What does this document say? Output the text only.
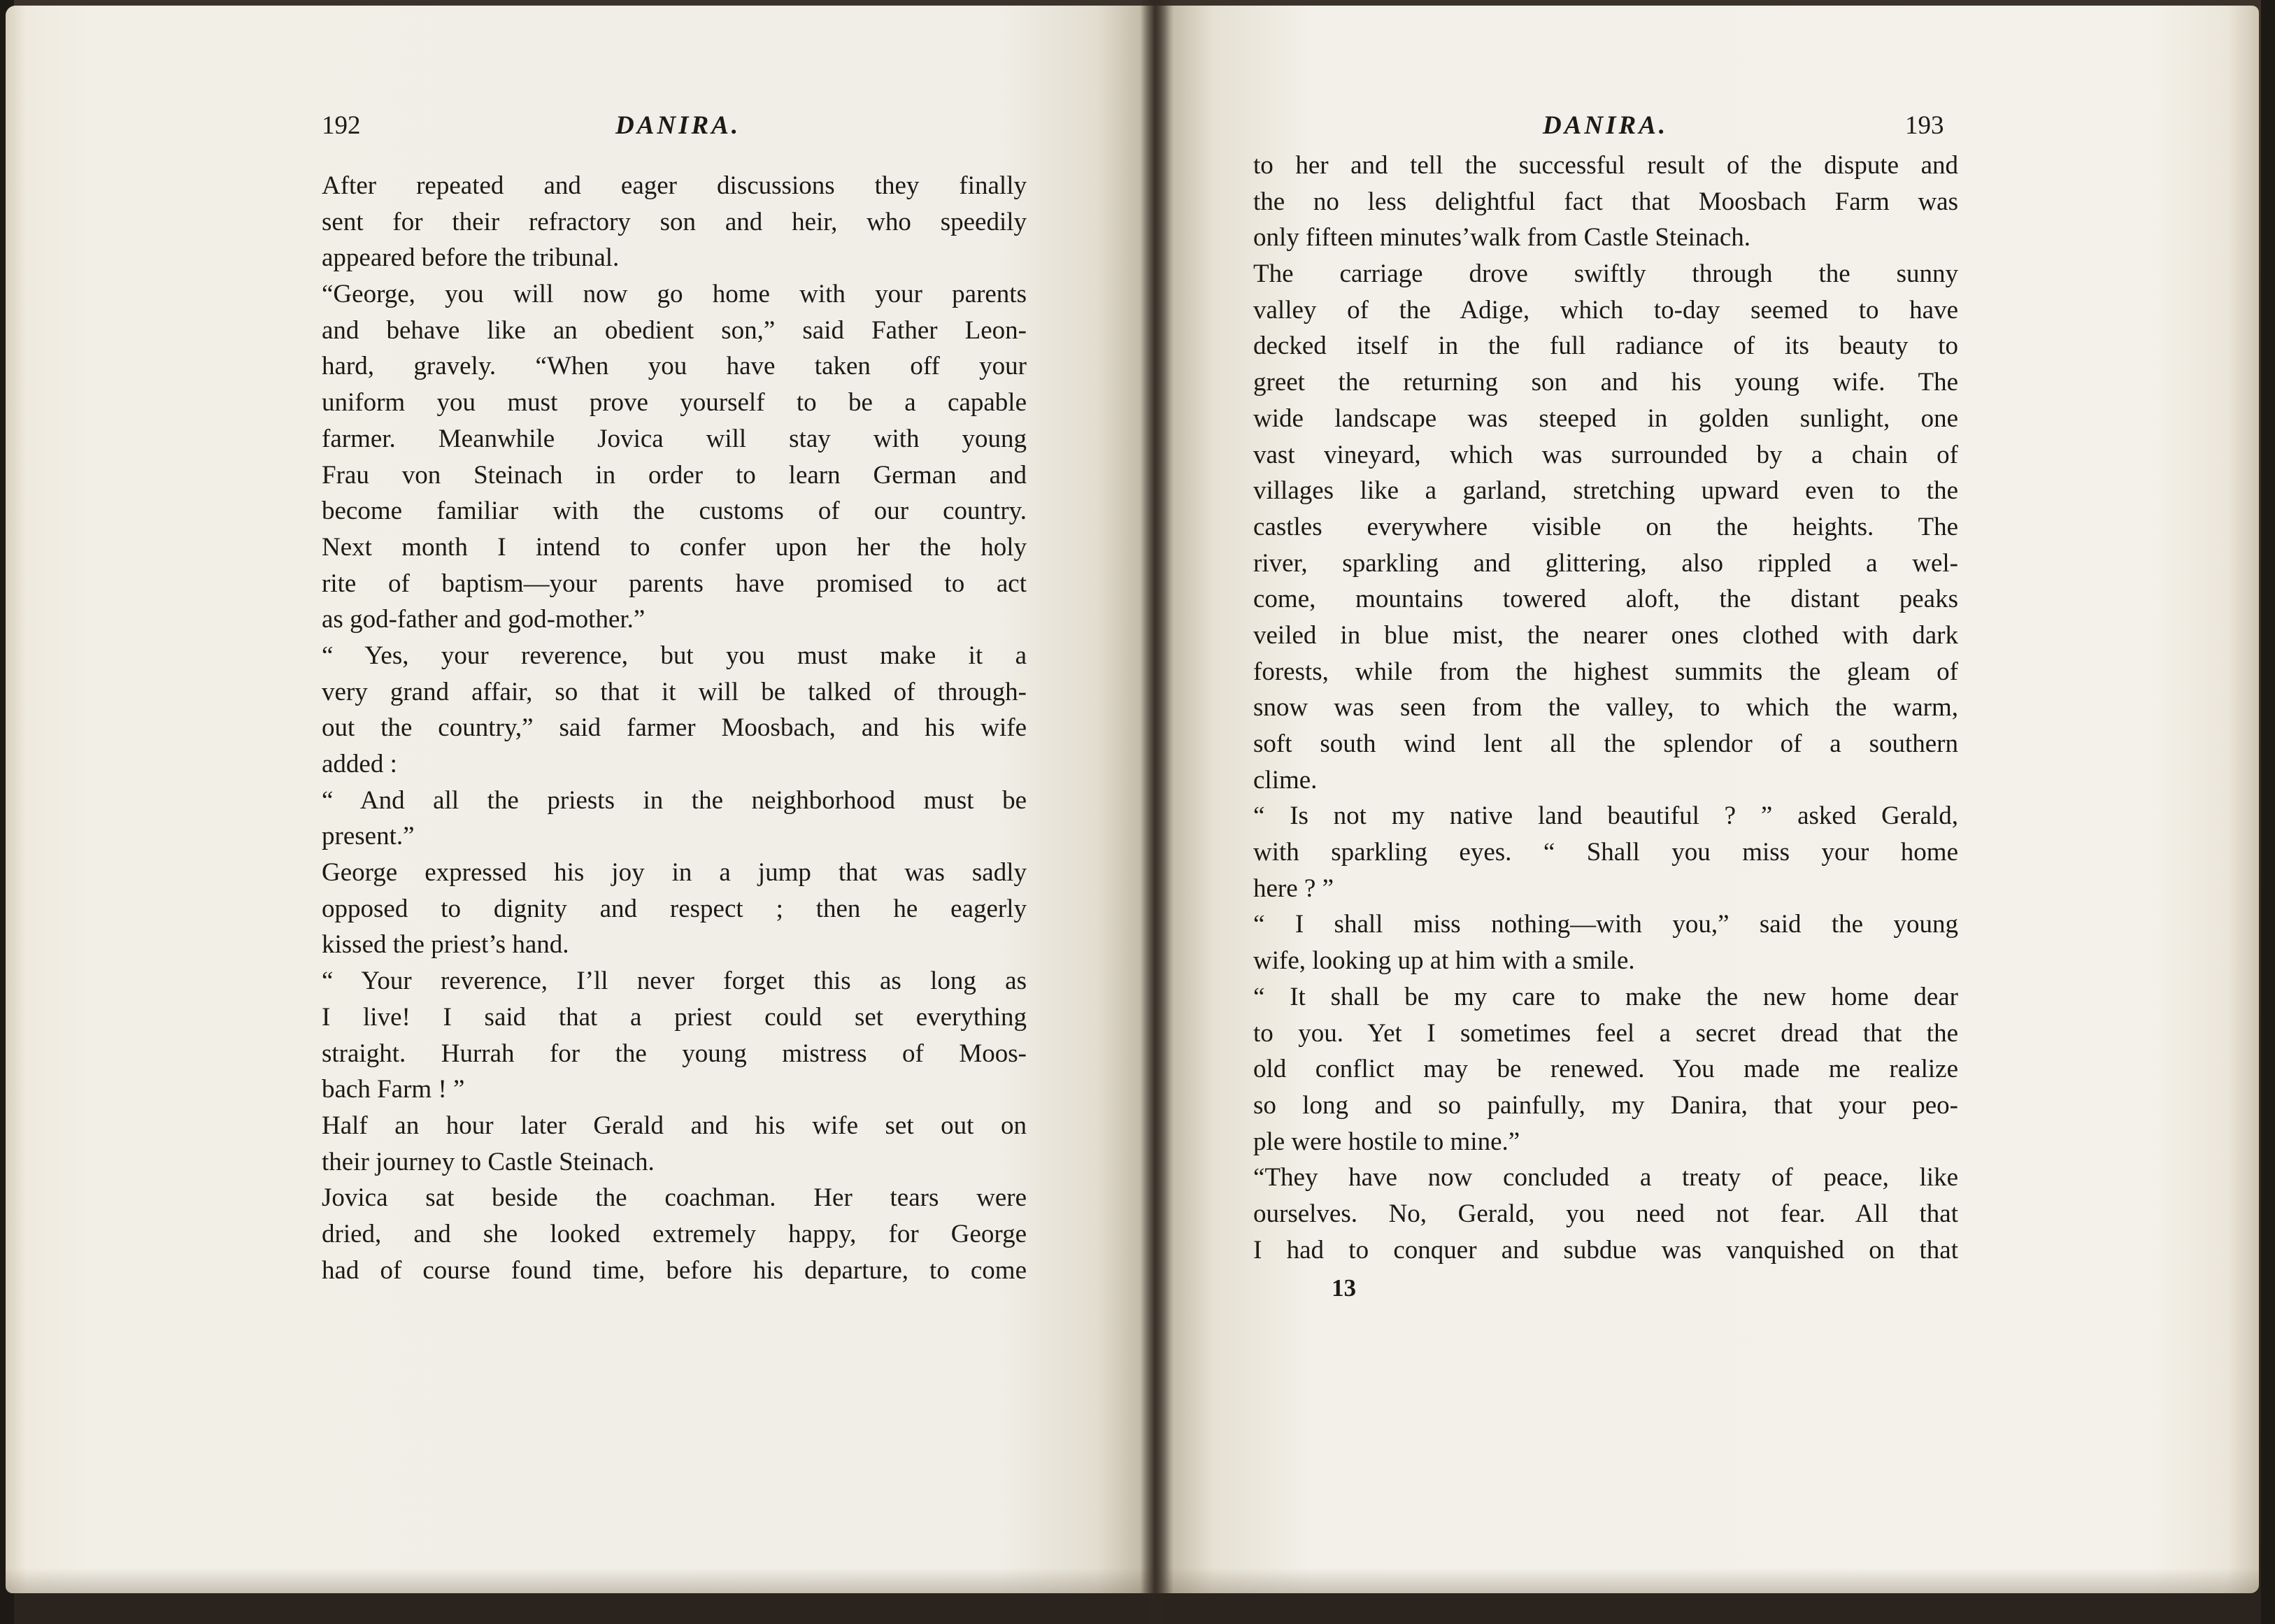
192	DANIRA.
After repeated and eager discussions they finally
sent for their refractory son and heir, who speedily
appeared before the tribunal.
“George, you will now go home with your parents
and behave like an obedient son,” said Father Leon-
hard, gravely. “When you have taken off your
uniform you must prove yourself to be a capable
farmer. Meanwhile Jovica will stay with young
Frau von Steinach in order to learn German and
become familiar with the customs of our country.
Next month I intend to confer upon her the holy
rite of baptism—your parents have promised to act
as god-father and god-mother.”
“ Yes, your reverence, but you must make it a
very grand affair, so that it will be talked of through-
out the country,” said farmer Moosbach, and his wife
added :
“ And all the priests in the neighborhood must be
present.”
George expressed his joy in a jump that was sadly
opposed to dignity and respect ; then he eagerly
kissed the priest’s hand.
“ Your reverence, I’ll never forget this as long as
I live! I said that a priest could set everything
straight. Hurrah for the young mistress of Moos-
bach Farm ! ”
Half an hour later Gerald and his wife set out on
their journey to Castle Steinach.
Jovica sat beside the coachman. Her tears were
dried, and she looked extremely happy, for George
had of course found time, before his departure, to come
DANIRA.	193
to her and tell the successful result of the dispute and
the no less delightful fact that Moosbach Farm was
only fifteen minutes’walk from Castle Steinach.
The carriage drove swiftly through the sunny
valley of the Adige, which to-day seemed to have
decked itself in the full radiance of its beauty to
greet the returning son and his young wife. The
wide landscape was steeped in golden sunlight, one
vast vineyard, which was surrounded by a chain of
villages like a garland, stretching upward even to the
castles everywhere visible on the heights. The
river, sparkling and glittering, also rippled a wel-
come, mountains towered aloft, the distant peaks
veiled in blue mist, the nearer ones clothed with dark
forests, while from the highest summits the gleam of
snow was seen from the valley, to which the warm,
soft south wind lent all the splendor of a southern
clime.
“ Is not my native land beautiful ? ” asked Gerald,
with sparkling eyes. “ Shall you miss your home
here ? ”
“ I shall miss nothing—with you,” said the young
wife, looking up at him with a smile.
“ It shall be my care to make the new home dear
to you. Yet I sometimes feel a secret dread that the
old conflict may be renewed. You made me realize
so long and so painfully, my Danira, that your peo-
ple were hostile to mine.”
“They have now concluded a treaty of peace, like
ourselves. No, Gerald, you need not fear. All that
I had to conquer and subdue was vanquished on that
13
